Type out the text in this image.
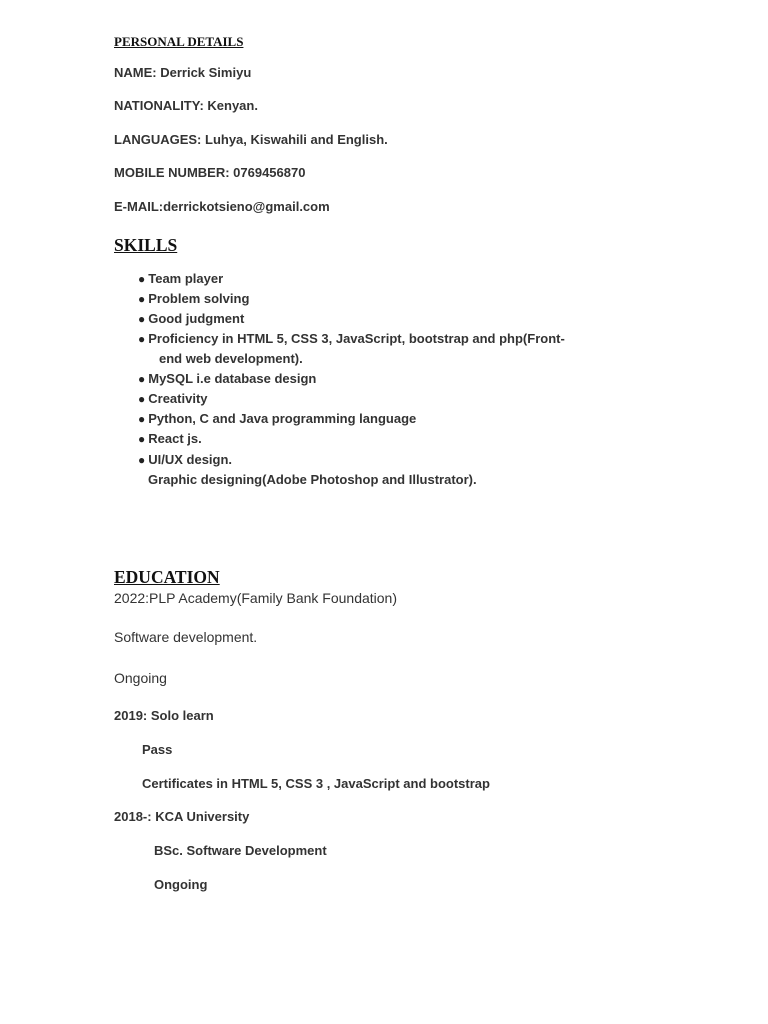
PERSONAL DETAILS
NAME: Derrick Simiyu
NATIONALITY: Kenyan.
LANGUAGES: Luhya, Kiswahili and English.
MOBILE NUMBER: 0769456870
E-MAIL:derrickotsieno@gmail.com
SKILLS
● Team player
● Problem solving
● Good judgment
● Proficiency in HTML 5, CSS 3, JavaScript, bootstrap and php(Front-
end web development).
● MySQL i.e database design
● Creativity
● Python, C and Java programming language
● React js.
● UI/UX design.
Graphic designing(Adobe Photoshop and Illustrator).
EDUCATION
2022:PLP Academy(Family Bank Foundation)
Software development.
Ongoing
2019: Solo learn
Pass
Certificates in HTML 5, CSS 3 , JavaScript and bootstrap
2018-: KCA University
BSc. Software Development
Ongoing
